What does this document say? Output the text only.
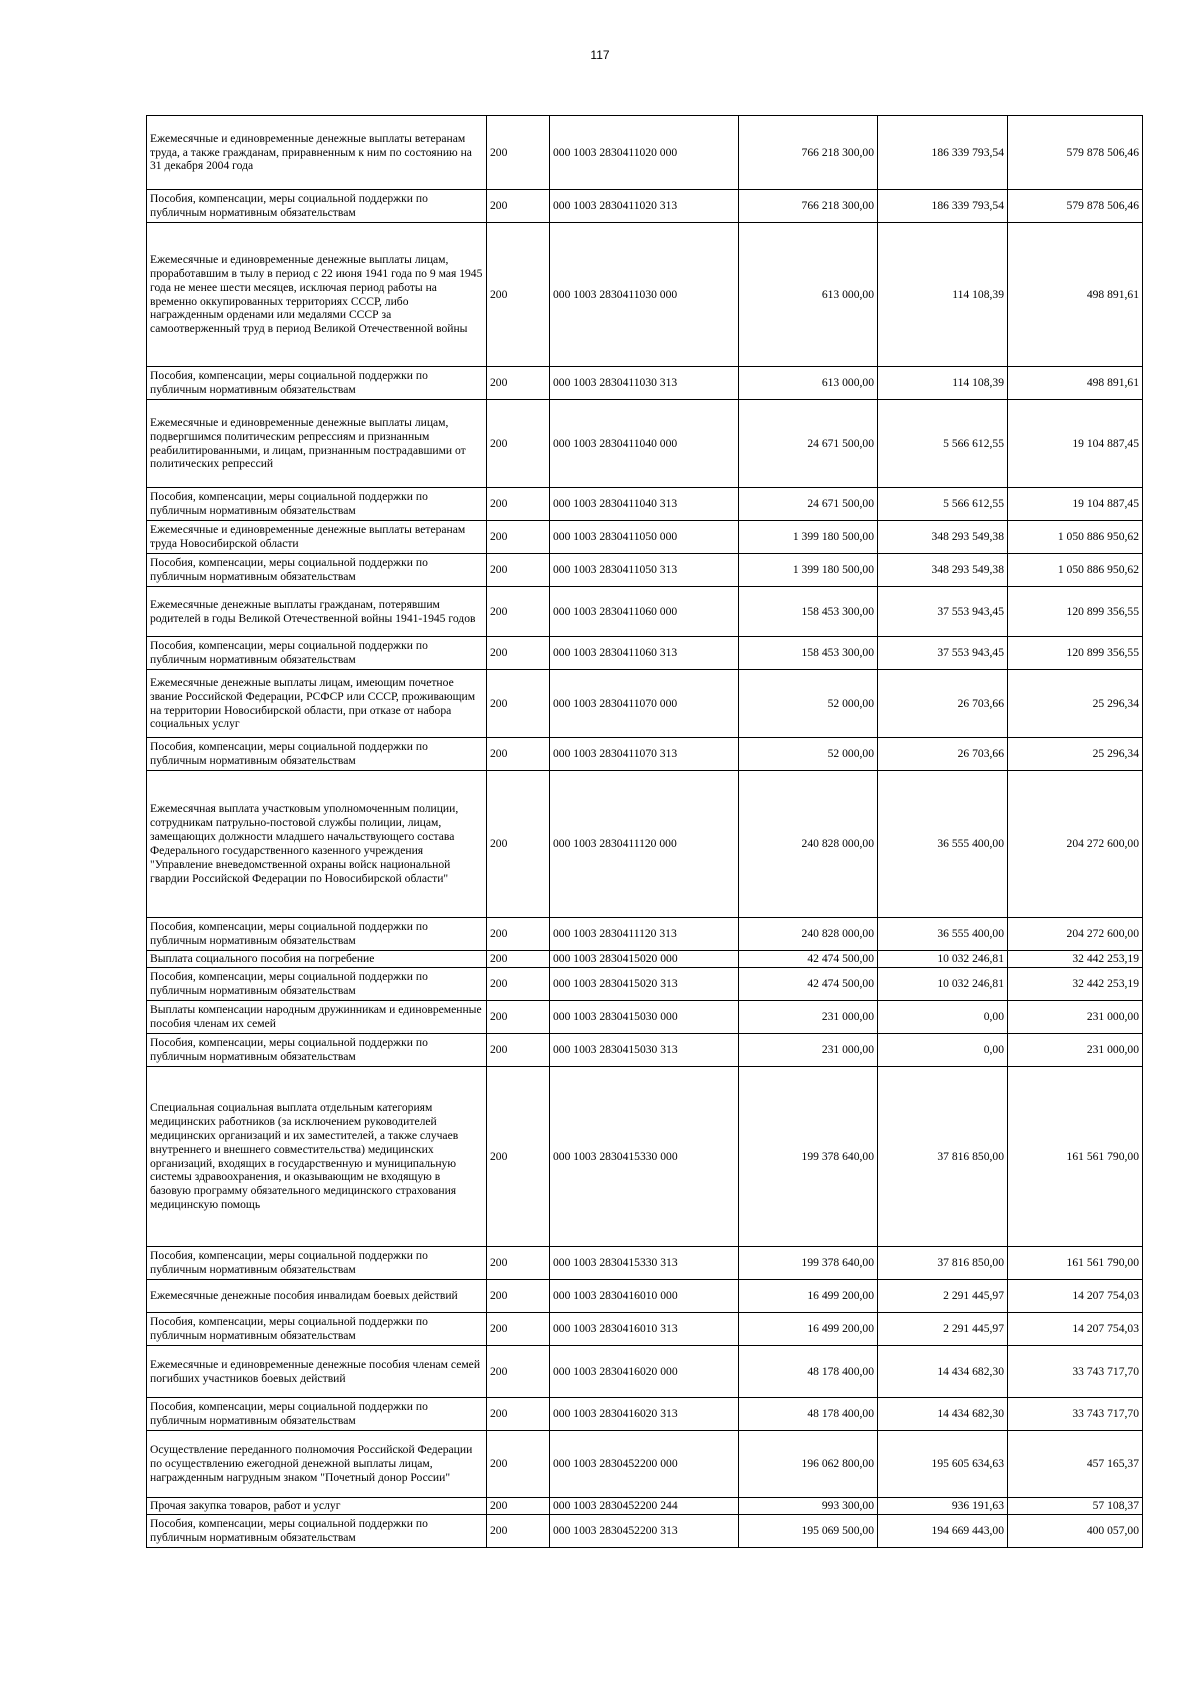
117
Ежемесячные и единовременные денежные выплаты ветеранам труда, а также гражданам, приравненным к ним по состоянию на 31 декабря 2004 года	200	000 1003 2830411020 000	766 218 300,00	186 339 793,54	579 878 506,46
Пособия, компенсации, меры социальной поддержки по публичным нормативным обязательствам	200	000 1003 2830411020 313	766 218 300,00	186 339 793,54	579 878 506,46
Ежемесячные и единовременные денежные выплаты лицам, проработавшим в тылу в период с 22 июня 1941 года по 9 мая 1945 года не менее шести месяцев, исключая период работы на временно оккупированных территориях СССР, либо награжденным орденами или медалями СССР за самоотверженный труд в период Великой Отечественной войны	200	000 1003 2830411030 000	613 000,00	114 108,39	498 891,61
Пособия, компенсации, меры социальной поддержки по публичным нормативным обязательствам	200	000 1003 2830411030 313	613 000,00	114 108,39	498 891,61
Ежемесячные и единовременные денежные выплаты лицам, подвергшимся политическим репрессиям и признанным реабилитированными, и лицам, признанным пострадавшими от политических репрессий	200	000 1003 2830411040 000	24 671 500,00	5 566 612,55	19 104 887,45
Пособия, компенсации, меры социальной поддержки по публичным нормативным обязательствам	200	000 1003 2830411040 313	24 671 500,00	5 566 612,55	19 104 887,45
Ежемесячные и единовременные денежные выплаты ветеранам труда Новосибирской области	200	000 1003 2830411050 000	1 399 180 500,00	348 293 549,38	1 050 886 950,62
Пособия, компенсации, меры социальной поддержки по публичным нормативным обязательствам	200	000 1003 2830411050 313	1 399 180 500,00	348 293 549,38	1 050 886 950,62
Ежемесячные денежные выплаты гражданам, потерявшим родителей в годы Великой Отечественной войны 1941-1945 годов	200	000 1003 2830411060 000	158 453 300,00	37 553 943,45	120 899 356,55
Пособия, компенсации, меры социальной поддержки по публичным нормативным обязательствам	200	000 1003 2830411060 313	158 453 300,00	37 553 943,45	120 899 356,55
Ежемесячные денежные выплаты лицам, имеющим почетное звание Российской Федерации, РСФСР или СССР, проживающим на территории Новосибирской области, при отказе от набора социальных услуг	200	000 1003 2830411070 000	52 000,00	26 703,66	25 296,34
Пособия, компенсации, меры социальной поддержки по публичным нормативным обязательствам	200	000 1003 2830411070 313	52 000,00	26 703,66	25 296,34
Ежемесячная выплата участковым уполномоченным полиции, сотрудникам патрульно-постовой службы полиции, лицам, замещающих должности младшего начальствующего состава Федерального государственного казенного учреждения "Управление вневедомственной охраны войск национальной гвардии Российской Федерации по Новосибирской области"	200	000 1003 2830411120 000	240 828 000,00	36 555 400,00	204 272 600,00
Пособия, компенсации, меры социальной поддержки по публичным нормативным обязательствам	200	000 1003 2830411120 313	240 828 000,00	36 555 400,00	204 272 600,00
Выплата социального пособия на погребение	200	000 1003 2830415020 000	42 474 500,00	10 032 246,81	32 442 253,19
Пособия, компенсации, меры социальной поддержки по публичным нормативным обязательствам	200	000 1003 2830415020 313	42 474 500,00	10 032 246,81	32 442 253,19
Выплаты компенсации народным дружинникам и единовременные пособия членам их семей	200	000 1003 2830415030 000	231 000,00	0,00	231 000,00
Пособия, компенсации, меры социальной поддержки по публичным нормативным обязательствам	200	000 1003 2830415030 313	231 000,00	0,00	231 000,00
Специальная социальная выплата отдельным категориям медицинских работников (за исключением руководителей медицинских организаций и их заместителей, а также случаев внутреннего и внешнего совместительства) медицинских организаций, входящих в государственную и муниципальную системы здравоохранения, и оказывающим не входящую в базовую программу обязательного медицинского страхования медицинскую помощь	200	000 1003 2830415330 000	199 378 640,00	37 816 850,00	161 561 790,00
Пособия, компенсации, меры социальной поддержки по публичным нормативным обязательствам	200	000 1003 2830415330 313	199 378 640,00	37 816 850,00	161 561 790,00
Ежемесячные денежные пособия инвалидам боевых действий	200	000 1003 2830416010 000	16 499 200,00	2 291 445,97	14 207 754,03
Пособия, компенсации, меры социальной поддержки по публичным нормативным обязательствам	200	000 1003 2830416010 313	16 499 200,00	2 291 445,97	14 207 754,03
Ежемесячные и единовременные денежные пособия членам семей погибших участников боевых действий	200	000 1003 2830416020 000	48 178 400,00	14 434 682,30	33 743 717,70
Пособия, компенсации, меры социальной поддержки по публичным нормативным обязательствам	200	000 1003 2830416020 313	48 178 400,00	14 434 682,30	33 743 717,70
Осуществление переданного полномочия Российской Федерации по осуществлению ежегодной денежной выплаты лицам, награжденным нагрудным знаком "Почетный донор России"	200	000 1003 2830452200 000	196 062 800,00	195 605 634,63	457 165,37
Прочая закупка товаров, работ и услуг	200	000 1003 2830452200 244	993 300,00	936 191,63	57 108,37
Пособия, компенсации, меры социальной поддержки по публичным нормативным обязательствам	200	000 1003 2830452200 313	195 069 500,00	194 669 443,00	400 057,00
